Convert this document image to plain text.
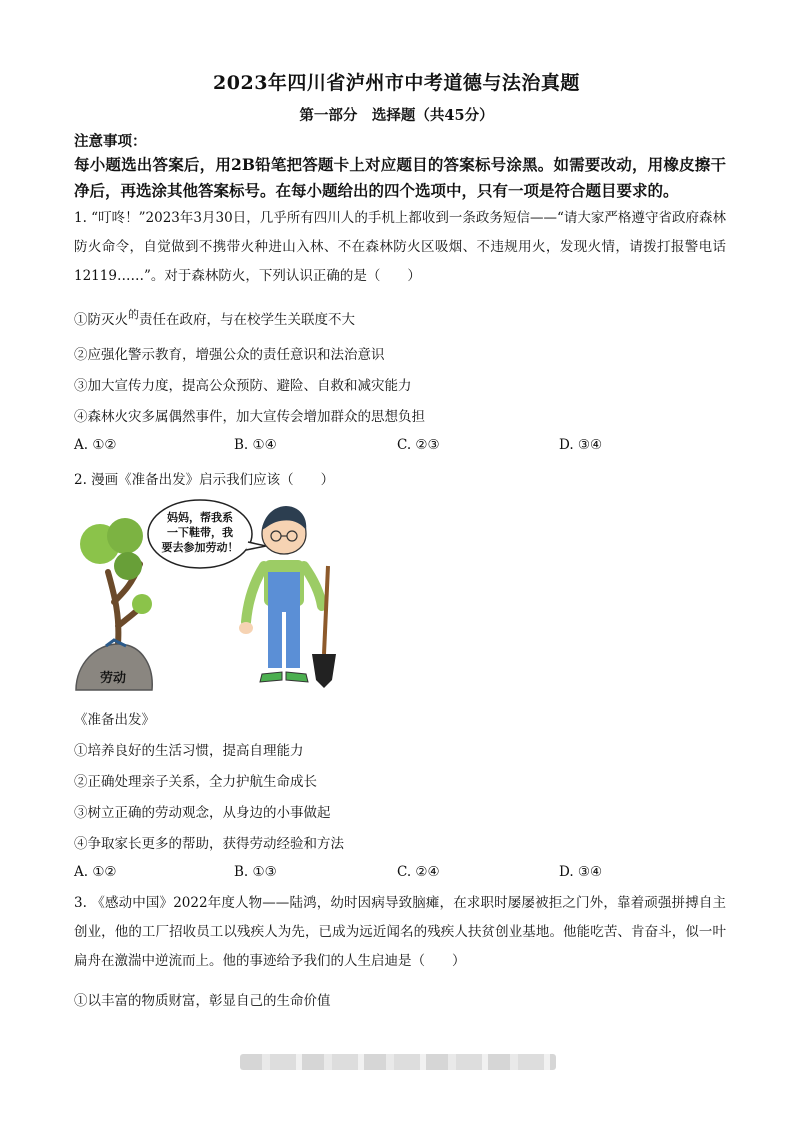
2023年四川省泸州市中考道德与法治真题
第一部分　选择题（共45分）
注意事项：
每小题选出答案后，用2B铅笔把答题卡上对应题目的答案标号涂黑。如需要改动，用橡皮擦干净后，再选涂其他答案标号。在每小题给出的四个选项中，只有一项是符合题目要求的。
1. “叮咚！”2023年3月30日，几乎所有四川人的手机上都收到一条政务短信——“请大家严格遵守省政府森林防火命令，自觉做到不携带火种进山入林、不在森林防火区吸烟、不违规用火，发现火情，请拨打报警电话12119……”。对于森林防火，下列认识正确的是（　　）
①防灭火$^的$责任在政府，与在校学生关联度不大
②应强化警示教育，增强公众的责任意识和法治意识
③加大宣传力度，提高公众预防、避险、自救和减灾能力
④森林火灾多属偶然事件，加大宣传会增加群众的思想负担
A. ①②	B. ①④	C. ②③	D. ③④
2. 漫画《准备出发》启示我们应该（　　）
劳动
妈妈，帮我系
一下鞋带，我
要去参加劳动！
《准备出发》
①培养良好的生活习惯，提高自理能力
②正确处理亲子关系，全力护航生命成长
③树立正确的劳动观念，从身边的小事做起
④争取家长更多的帮助，获得劳动经验和方法
A. ①②	B. ①③	C. ②④	D. ③④
3. 《感动中国》2022年度人物——陆鸿，幼时因病导致脑瘫，在求职时屡屡被拒之门外，靠着顽强拼搏自主创业，他的工厂招收员工以残疾人为先，已成为远近闻名的残疾人扶贫创业基地。他能吃苦、肯奋斗，似一叶扁舟在激湍中逆流而上。他的事迹给予我们的人生启迪是（　　）
①以丰富的物质财富，彰显自己的生命价值
